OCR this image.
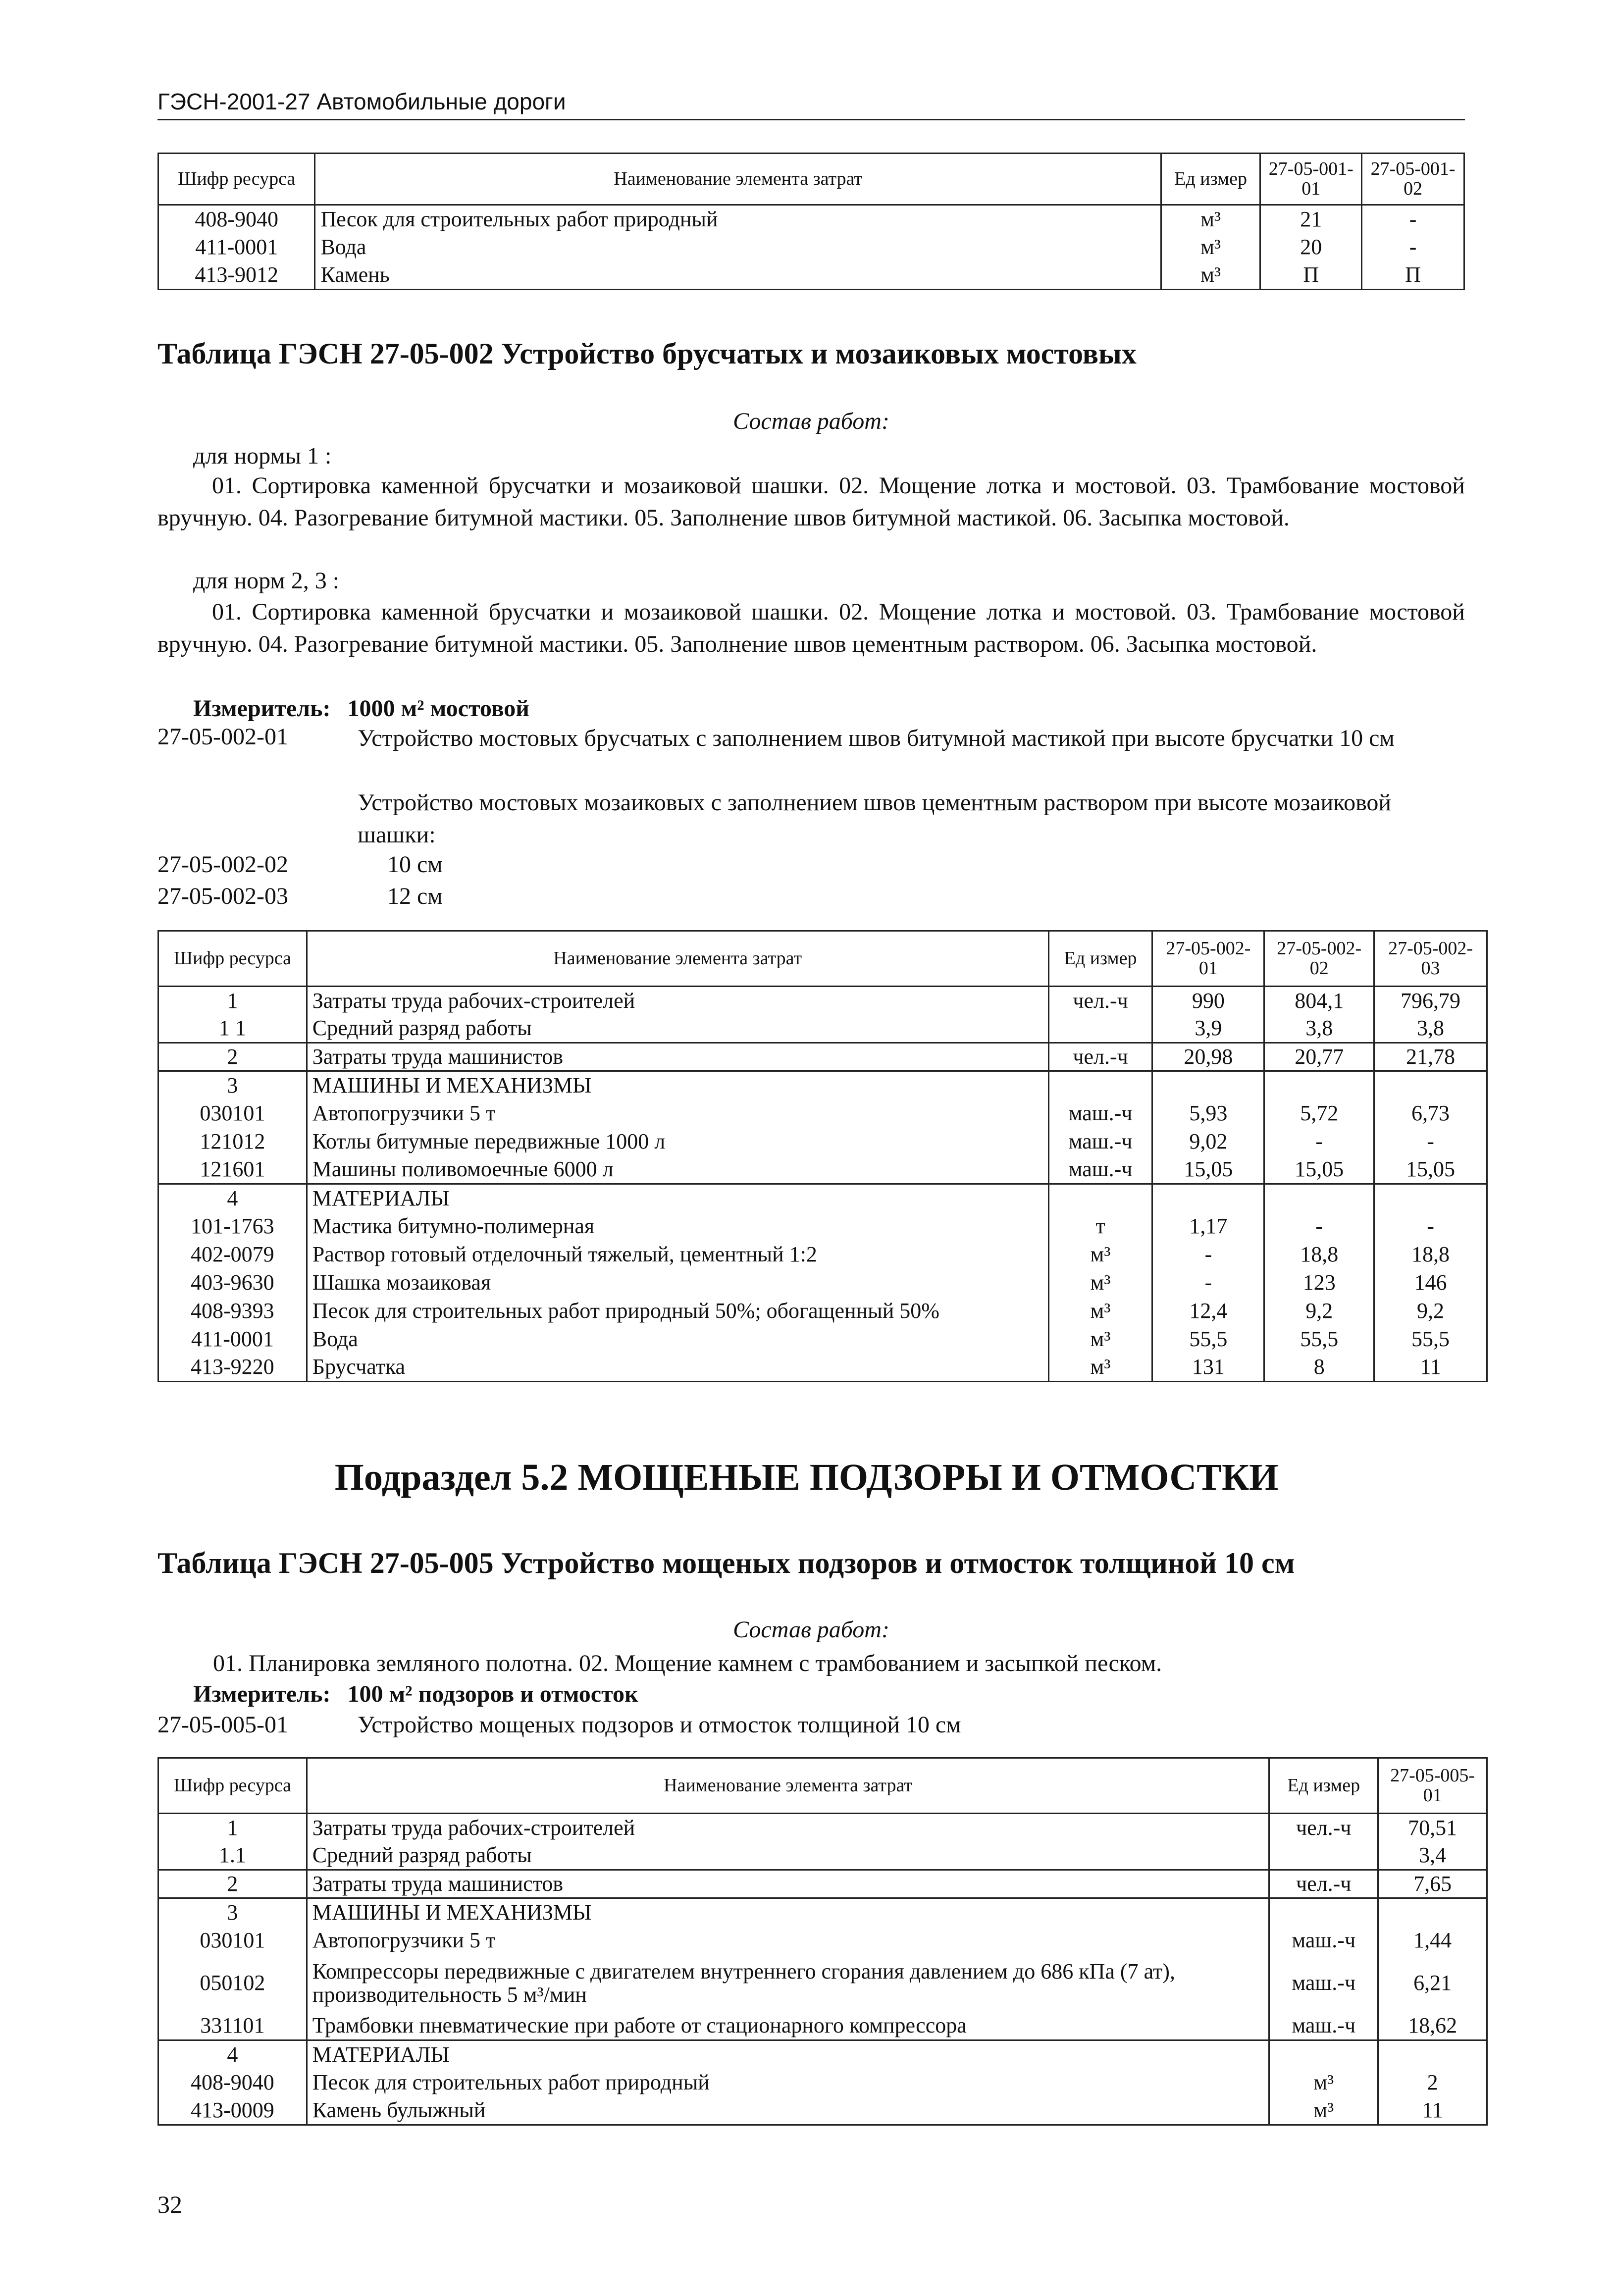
ГЭСН-2001-27 Автомобильные дороги
Шифр ресурса	Наименование элемента затрат	Ед измер	27-05-001-01	27-05-001-02
408-9040	Песок для строительных работ природный	м³	21	-
411-0001	Вода	м³	20	-
413-9012	Камень	м³	П	П
Таблица ГЭСН 27-05-002 Устройство брусчатых и мозаиковых мостовых
Состав работ:
для нормы 1 :
01. Сортировка каменной брусчатки и мозаиковой шашки. 02. Мощение лотка и мостовой. 03. Трамбование мостовой вручную. 04. Разогревание битумной мастики. 05. Заполнение швов битумной мастикой. 06. Засыпка мостовой.
для норм 2, 3 :
01. Сортировка каменной брусчатки и мозаиковой шашки. 02. Мощение лотка и мостовой. 03. Трамбование мостовой вручную. 04. Разогревание битумной мастики. 05. Заполнение швов цементным раствором. 06. Засыпка мостовой.
Измеритель: 1000 м² мостовой
27-05-002-01	Устройство мостовых брусчатых с заполнением швов битумной мастикой при высоте брусчатки 10 см
Устройство мостовых мозаиковых с заполнением швов цементным раствором при высоте мозаиковой шашки:
27-05-002-02	10 см
27-05-002-03	12 см
Шифр ресурса	Наименование элемента затрат	Ед измер	27-05-002-01	27-05-002-02	27-05-002-03
1	Затраты труда рабочих-строителей	чел.-ч	990	804,1	796,79
1 1	Средний разряд работы		3,9	3,8	3,8
2	Затраты труда машинистов	чел.-ч	20,98	20,77	21,78
3	МАШИНЫ И МЕХАНИЗМЫ				
030101	Автопогрузчики 5 т	маш.-ч	5,93	5,72	6,73
121012	Котлы битумные передвижные 1000 л	маш.-ч	9,02	-	-
121601	Машины поливомоечные 6000 л	маш.-ч	15,05	15,05	15,05
4	МАТЕРИАЛЫ				
101-1763	Мастика битумно-полимерная	т	1,17	-	-
402-0079	Раствор готовый отделочный тяжелый, цементный 1:2	м³	-	18,8	18,8
403-9630	Шашка мозаиковая	м³	-	123	146
408-9393	Песок для строительных работ природный 50%; обогащенный 50%	м³	12,4	9,2	9,2
411-0001	Вода	м³	55,5	55,5	55,5
413-9220	Брусчатка	м³	131	8	11
Подраздел 5.2 МОЩЕНЫЕ ПОДЗОРЫ И ОТМОСТКИ
Таблица ГЭСН 27-05-005 Устройство мощеных подзоров и отмосток толщиной 10 см
Состав работ:
01. Планировка земляного полотна. 02. Мощение камнем с трамбованием и засыпкой песком.
Измеритель: 100 м² подзоров и отмосток
27-05-005-01	Устройство мощеных подзоров и отмосток толщиной 10 см
Шифр ресурса	Наименование элемента затрат	Ед измер	27-05-005-01
1	Затраты труда рабочих-строителей	чел.-ч	70,51
1.1	Средний разряд работы		3,4
2	Затраты труда машинистов	чел.-ч	7,65
3	МАШИНЫ И МЕХАНИЗМЫ		
030101	Автопогрузчики 5 т	маш.-ч	1,44
050102	Компрессоры передвижные с двигателем внутреннего сгорания давлением до 686 кПа (7 ат), производительность 5 м³/мин	маш.-ч	6,21
331101	Трамбовки пневматические при работе от стационарного компрессора	маш.-ч	18,62
4	МАТЕРИАЛЫ		
408-9040	Песок для строительных работ природный	м³	2
413-0009	Камень булыжный	м³	11
32
